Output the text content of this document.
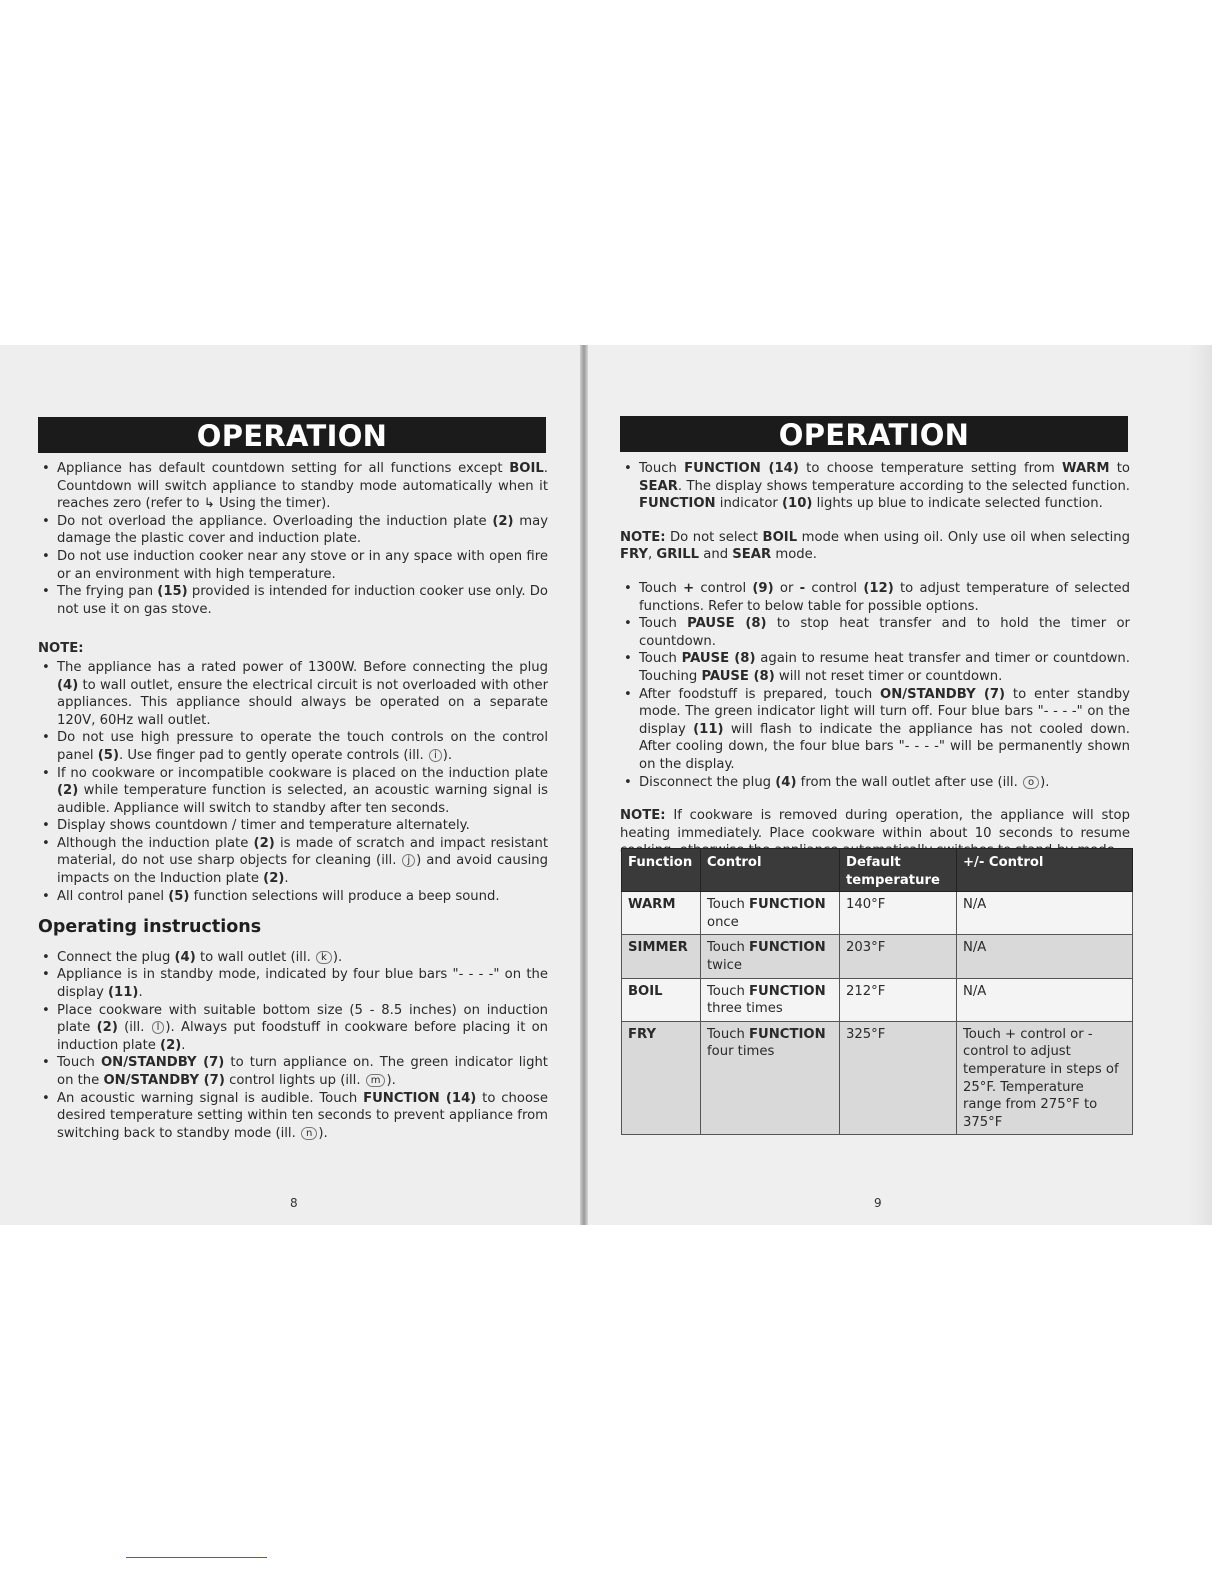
OPERATION
• Appliance has default countdown setting for all functions except BOIL. Countdown will switch appliance to standby mode automatically when it reaches zero (refer to ↳ Using the timer).
• Do not overload the appliance. Overloading the induction plate (2) may damage the plastic cover and induction plate.
• Do not use induction cooker near any stove or in any space with open fire or an environment with high temperature.
• The frying pan (15) provided is intended for induction cooker use only. Do not use it on gas stove.
NOTE:
• The appliance has a rated power of 1300W. Before connecting the plug (4) to wall outlet, ensure the electrical circuit is not overloaded with other appliances. This appliance should always be operated on a separate 120V, 60Hz wall outlet.
• Do not use high pressure to operate the touch controls on the control panel (5). Use finger pad to gently operate controls (ill. i ).
• If no cookware or incompatible cookware is placed on the induction plate (2) while temperature function is selected, an acoustic warning signal is audible. Appliance will switch to standby after ten seconds.
• Display shows countdown / timer and temperature alternately.
• Although the induction plate (2) is made of scratch and impact resistant material, do not use sharp objects for cleaning (ill. j ) and avoid causing impacts on the Induction plate (2).
• All control panel (5) function selections will produce a beep sound.
Operating instructions
• Connect the plug (4) to wall outlet (ill. k ).
• Appliance is in standby mode, indicated by four blue bars "- - - -" on the display (11).
• Place cookware with suitable bottom size (5 - 8.5 inches) on induction plate (2) (ill. l ). Always put foodstuff in cookware before placing it on induction plate (2).
• Touch ON/STANDBY (7) to turn appliance on. The green indicator light on the ON/STANDBY (7) control lights up (ill. m ).
• An acoustic warning signal is audible. Touch FUNCTION (14) to choose desired temperature setting within ten seconds to prevent appliance from switching back to standby mode (ill. n ).
8
OPERATION
• Touch FUNCTION (14) to choose temperature setting from WARM to SEAR. The display shows temperature according to the selected function. FUNCTION indicator (10) lights up blue to indicate selected function.
NOTE: Do not select BOIL mode when using oil. Only use oil when selecting FRY, GRILL and SEAR mode.
• Touch + control (9) or - control (12) to adjust temperature of selected functions. Refer to below table for possible options.
• Touch PAUSE (8) to stop heat transfer and to hold the timer or countdown.
• Touch PAUSE (8) again to resume heat transfer and timer or countdown. Touching PAUSE (8) will not reset timer or countdown.
• After foodstuff is prepared, touch ON/STANDBY (7) to enter standby mode. The green indicator light will turn off. Four blue bars "- - - -" on the display (11) will flash to indicate the appliance has not cooled down. After cooling down, the four blue bars "- - - -" will be permanently shown on the display.
• Disconnect the plug (4) from the wall outlet after use (ill. o ).
NOTE: If cookware is removed during operation, the appliance will stop heating immediately. Place cookware within about 10 seconds to resume
Function	Control	Default temperature	+/- Control
WARM	Touch FUNCTION once	140°F	N/A
SIMMER	Touch FUNCTION twice	203°F	N/A
BOIL	Touch FUNCTION three times	212°F	N/A
FRY	Touch FUNCTION four times	325°F	Touch + control or - control to adjust temperature in steps of 25°F. Temperature range from 275°F to 375°F
9
